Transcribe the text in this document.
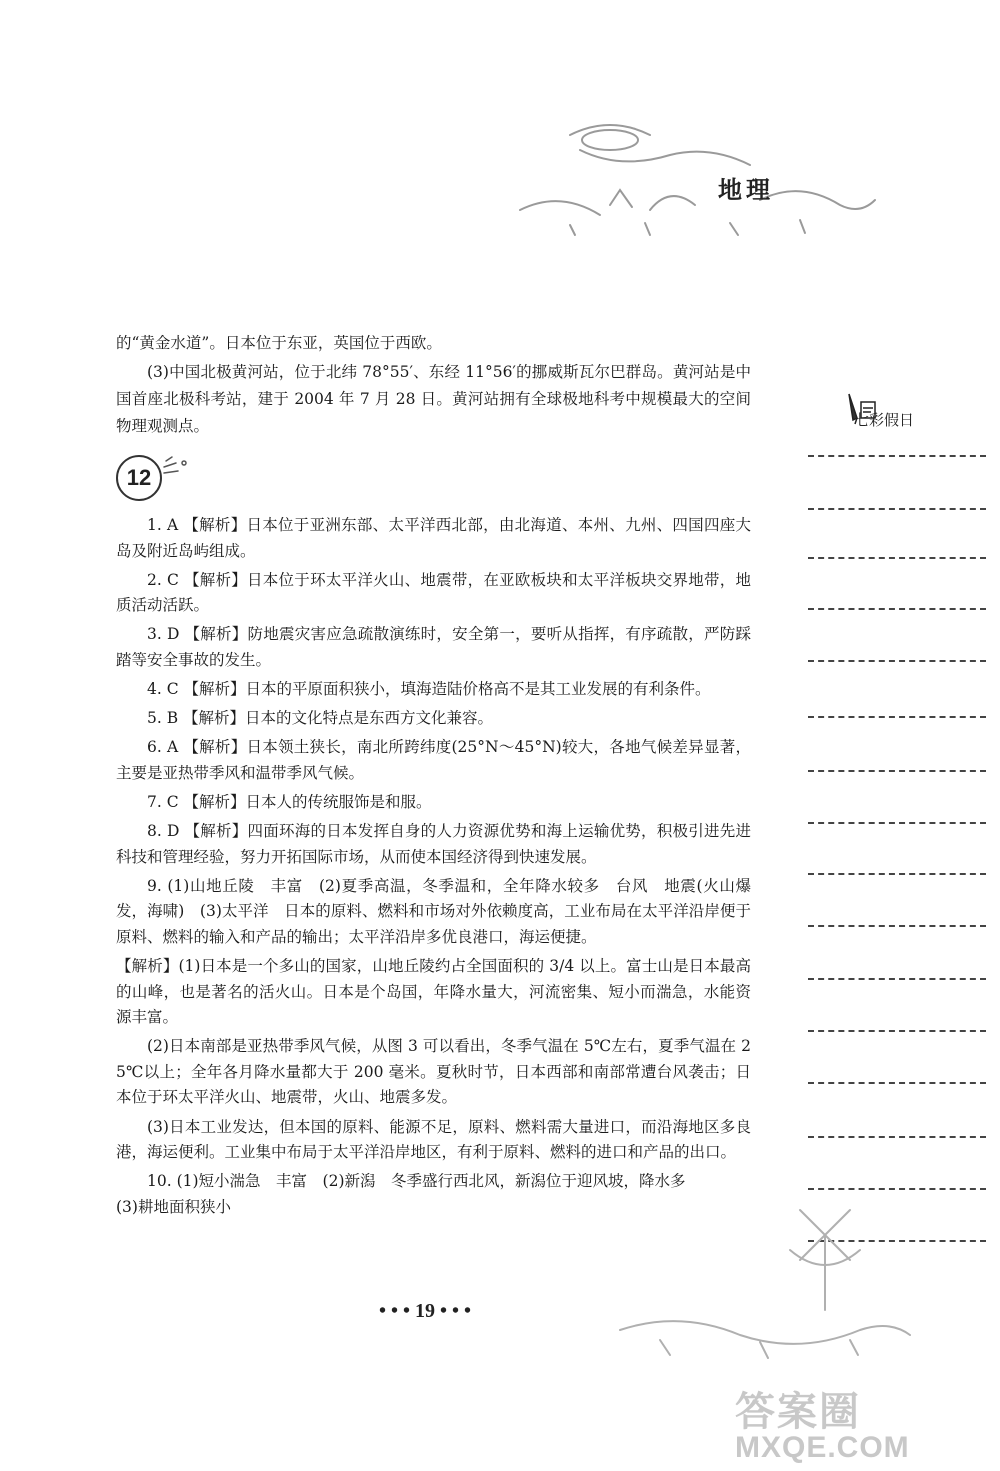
地理

的“黄金水道”。日本位于东亚，英国位于西欧。

(3)中国北极黄河站，位于北纬 78°55′、东经 11°56′的挪威斯瓦尔巴群岛。黄河站是中国首座北极科考站，建于 2004 年 7 月 28 日。黄河站拥有全球极地科考中规模最大的空间物理观测点。

12

1. A 【解析】日本位于亚洲东部、太平洋西北部，由北海道、本州、九州、四国四座大岛及附近岛屿组成。

2. C 【解析】日本位于环太平洋火山、地震带，在亚欧板块和太平洋板块交界地带，地质活动活跃。

3. D 【解析】防地震灾害应急疏散演练时，安全第一，要听从指挥，有序疏散，严防踩踏等安全事故的发生。

4. C 【解析】日本的平原面积狭小，填海造陆价格高不是其工业发展的有利条件。

5. B 【解析】日本的文化特点是东西方文化兼容。

6. A 【解析】日本领土狭长，南北所跨纬度(25°N～45°N)较大，各地气候差异显著，主要是亚热带季风和温带季风气候。

7. C 【解析】日本人的传统服饰是和服。

8. D 【解析】四面环海的日本发挥自身的人力资源优势和海上运输优势，积极引进先进科技和管理经验，努力开拓国际市场，从而使本国经济得到快速发展。

9. (1)山地丘陵　丰富　(2)夏季高温，冬季温和，全年降水较多　台风　地震(火山爆发，海啸)　(3)太平洋　日本的原料、燃料和市场对外依赖度高，工业布局在太平洋沿岸便于原料、燃料的输入和产品的输出；太平洋沿岸多优良港口，海运便捷。

【解析】(1)日本是一个多山的国家，山地丘陵约占全国面积的 3/4 以上。富士山是日本最高的山峰，也是著名的活火山。日本是个岛国，年降水量大，河流密集、短小而湍急，水能资源丰富。

(2)日本南部是亚热带季风气候，从图 3 可以看出，冬季气温在 5℃左右，夏季气温在 25℃以上；全年各月降水量都大于 200 毫米。夏秋时节，日本西部和南部常遭台风袭击；日本位于环太平洋火山、地震带，火山、地震多发。

(3)日本工业发达，但本国的原料、能源不足，原料、燃料需大量进口，而沿海地区多良港，海运便利。工业集中布局于太平洋沿岸地区，有利于原料、燃料的进口和产品的出口。

10. (1)短小湍急　丰富　(2)新潟　冬季盛行西北风，新潟位于迎风坡，降水多

(3)耕地面积狭小

七彩假日
• • • 19 • • •
答案圈
MXQE.COM
